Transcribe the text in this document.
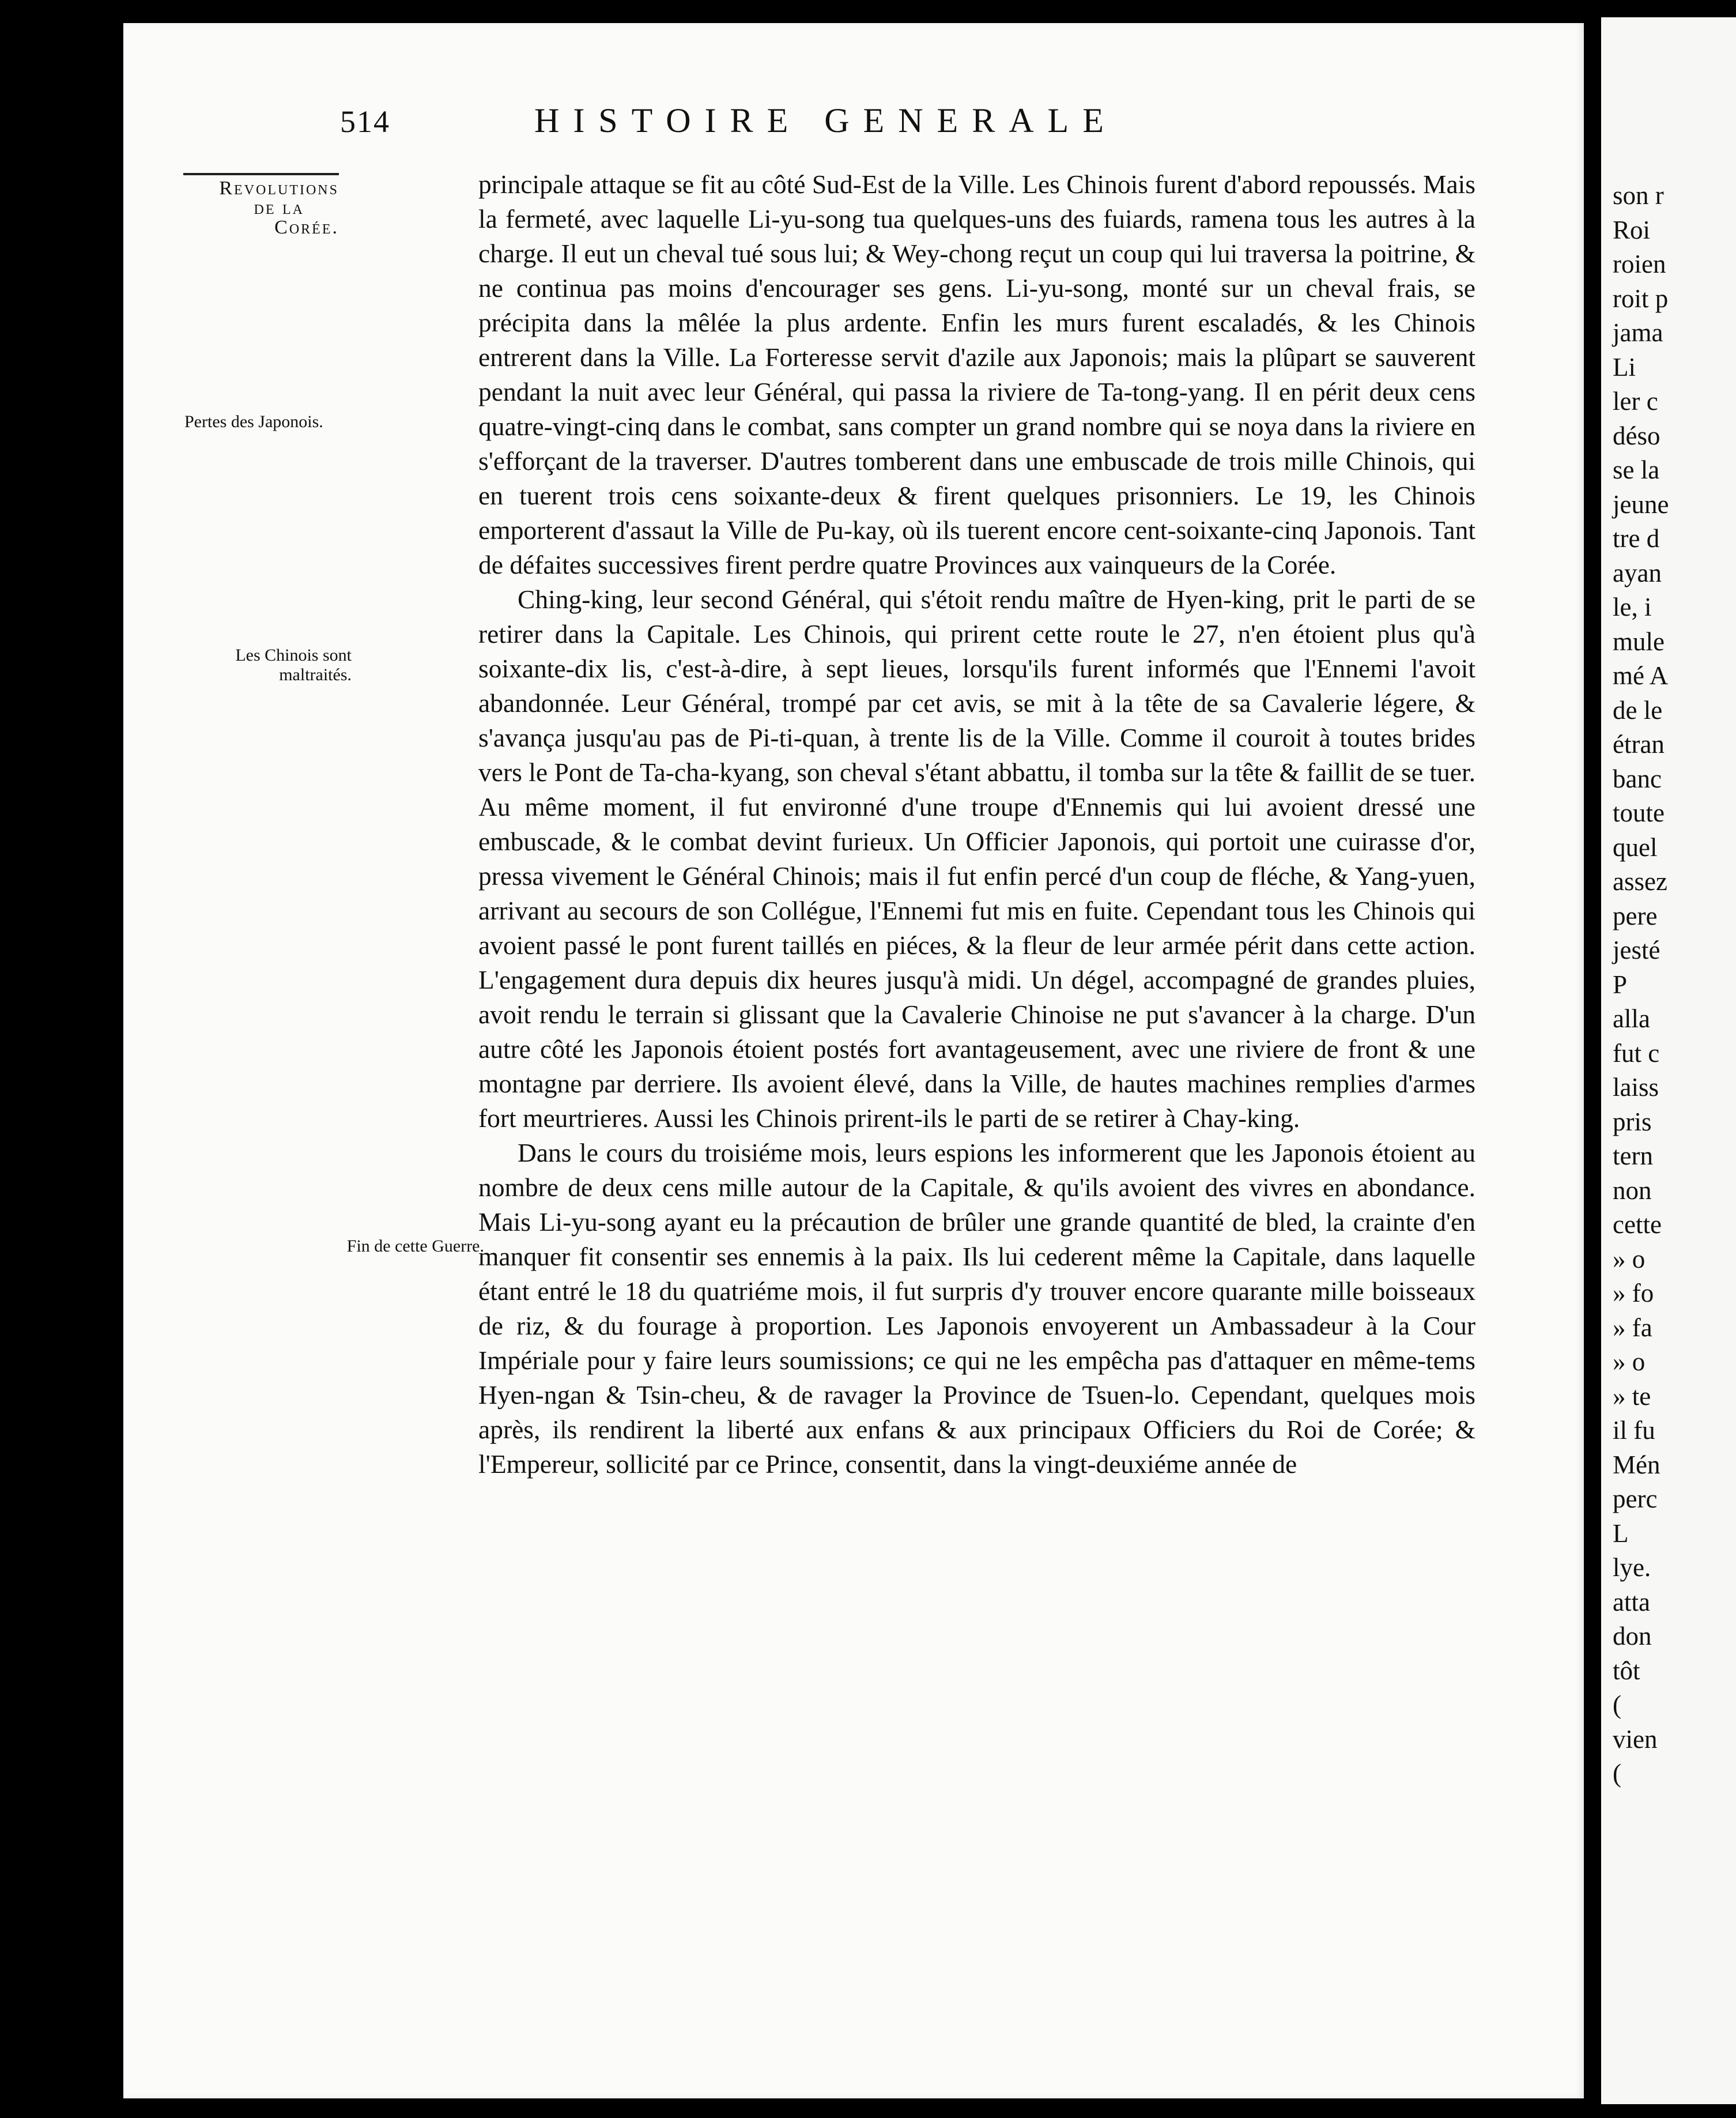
514	HISTOIRE GENERALE
Revolutions
de la
Corée.
Pertes des Japonois.
Les Chinois sont maltraités.
Fin de cette Guerre.

principale attaque se fit au côté Sud-Est de la Ville. Les Chinois furent d'abord repoussés. Mais la fermeté, avec laquelle Li-yu-song tua quelques-uns des fuiards, ramena tous les autres à la charge. Il eut un cheval tué sous lui; & Wey-chong reçut un coup qui lui traversa la poitrine, & ne continua pas moins d'encourager ses gens. Li-yu-song, monté sur un cheval frais, se précipita dans la mêlée la plus ardente. Enfin les murs furent escaladés, & les Chinois entrerent dans la Ville. La Forteresse servit d'azile aux Japonois; mais la plûpart se sauverent pendant la nuit avec leur Général, qui passa la riviere de Ta-tong-yang. Il en périt deux cens quatre-vingt-cinq dans le combat, sans compter un grand nombre qui se noya dans la riviere en s'efforçant de la traverser. D'autres tomberent dans une embuscade de trois mille Chinois, qui en tuerent trois cens soixante-deux & firent quelques prisonniers. Le 19, les Chinois emporterent d'assaut la Ville de Pu-kay, où ils tuerent encore cent-soixante-cinq Japonois. Tant de défaites successives firent perdre quatre Provinces aux vainqueurs de la Corée.

Ching-king, leur second Général, qui s'étoit rendu maître de Hyen-king, prit le parti de se retirer dans la Capitale. Les Chinois, qui prirent cette route le 27, n'en étoient plus qu'à soixante-dix lis, c'est-à-dire, à sept lieues, lorsqu'ils furent informés que l'Ennemi l'avoit abandonnée. Leur Général, trompé par cet avis, se mit à la tête de sa Cavalerie légere, & s'avança jusqu'au pas de Pi-ti-quan, à trente lis de la Ville. Comme il couroit à toutes brides vers le Pont de Ta-cha-kyang, son cheval s'étant abbattu, il tomba sur la tête & faillit de se tuer. Au même moment, il fut environné d'une troupe d'Ennemis qui lui avoient dressé une embuscade, & le combat devint furieux. Un Officier Japonois, qui portoit une cuirasse d'or, pressa vivement le Général Chinois; mais il fut enfin percé d'un coup de fléche, & Yang-yuen, arrivant au secours de son Collégue, l'Ennemi fut mis en fuite. Cependant tous les Chinois qui avoient passé le pont furent taillés en piéces, & la fleur de leur armée périt dans cette action. L'engagement dura depuis dix heures jusqu'à midi. Un dégel, accompagné de grandes pluies, avoit rendu le terrain si glissant que la Cavalerie Chinoise ne put s'avancer à la charge. D'un autre côté les Japonois étoient postés fort avantageusement, avec une riviere de front & une montagne par derriere. Ils avoient élevé, dans la Ville, de hautes machines remplies d'armes fort meurtrieres. Aussi les Chinois prirent-ils le parti de se retirer à Chay-king.

Dans le cours du troisiéme mois, leurs espions les informerent que les Japonois étoient au nombre de deux cens mille autour de la Capitale, & qu'ils avoient des vivres en abondance. Mais Li-yu-song ayant eu la précaution de brûler une grande quantité de bled, la crainte d'en manquer fit consentir ses ennemis à la paix. Ils lui cederent même la Capitale, dans laquelle étant entré le 18 du quatriéme mois, il fut surpris d'y trouver encore quarante mille boisseaux de riz, & du fourage à proportion. Les Japonois envoyerent un Ambassadeur à la Cour Impériale pour y faire leurs soumissions; ce qui ne les empêcha pas d'attaquer en même-tems Hyen-ngan & Tsin-cheu, & de ravager la Province de Tsuen-lo. Cependant, quelques mois après, ils rendirent la liberté aux enfans & aux principaux Officiers du Roi de Corée; & l'Empereur, sollicité par ce Prince, consentit, dans la vingt-deuxiéme année de

son r
Roi
roien
roit p
jama
Li
ler c
déso
se la
jeune
tre d
ayan
le, i
mule
mé A
de le
étran
banc
toute
quel
assez
pere
jesté
P
alla
fut c
laiss
pris
tern
non
cette
» o
» fo
» fa
» o
» te
il fu
Mén
perc
L
lye.
atta
don
tôt
(
vien
(
